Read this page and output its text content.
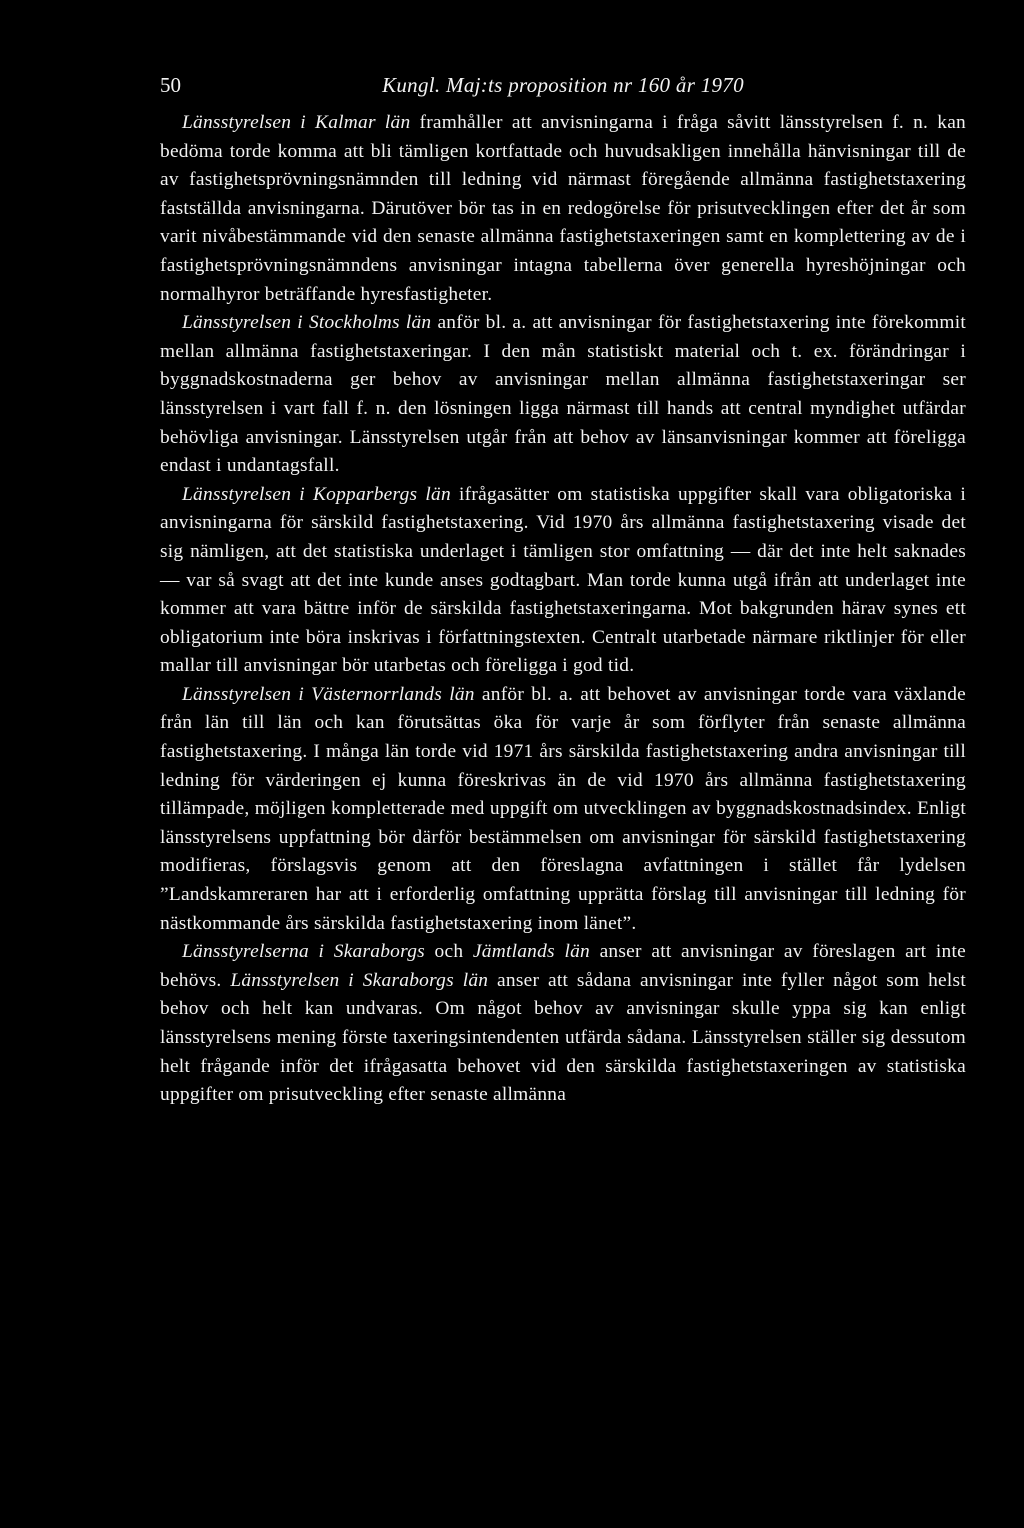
50	Kungl. Maj:ts proposition nr 160 år 1970

Länsstyrelsen i Kalmar län framhåller att anvisningarna i fråga såvitt länsstyrelsen f. n. kan bedöma torde komma att bli tämligen kortfattade och huvudsakligen innehålla hänvisningar till de av fastighetsprövningsnämnden till ledning vid närmast föregående allmänna fastighetstaxering fastställda anvisningarna. Därutöver bör tas in en redogörelse för prisutvecklingen efter det år som varit nivåbestämmande vid den senaste allmänna fastighetstaxeringen samt en komplettering av de i fastighetsprövningsnämndens anvisningar intagna tabellerna över generella hyreshöjningar och normalhyror beträffande hyresfastigheter.

Länsstyrelsen i Stockholms län anför bl. a. att anvisningar för fastighetstaxering inte förekommit mellan allmänna fastighetstaxeringar. I den mån statistiskt material och t. ex. förändringar i byggnadskostnaderna ger behov av anvisningar mellan allmänna fastighetstaxeringar ser länsstyrelsen i vart fall f. n. den lösningen ligga närmast till hands att central myndighet utfärdar behövliga anvisningar. Länsstyrelsen utgår från att behov av länsanvisningar kommer att föreligga endast i undantagsfall.

Länsstyrelsen i Kopparbergs län ifrågasätter om statistiska uppgifter skall vara obligatoriska i anvisningarna för särskild fastighetstaxering. Vid 1970 års allmänna fastighetstaxering visade det sig nämligen, att det statistiska underlaget i tämligen stor omfattning — där det inte helt saknades — var så svagt att det inte kunde anses godtagbart. Man torde kunna utgå ifrån att underlaget inte kommer att vara bättre inför de särskilda fastighetstaxeringarna. Mot bakgrunden härav synes ett obligatorium inte böra inskrivas i författningstexten. Centralt utarbetade närmare riktlinjer för eller mallar till anvisningar bör utarbetas och föreligga i god tid.

Länsstyrelsen i Västernorrlands län anför bl. a. att behovet av anvisningar torde vara växlande från län till län och kan förutsättas öka för varje år som förflyter från senaste allmänna fastighetstaxering. I många län torde vid 1971 års särskilda fastighetstaxering andra anvisningar till ledning för värderingen ej kunna föreskrivas än de vid 1970 års allmänna fastighetstaxering tillämpade, möjligen kompletterade med uppgift om utvecklingen av byggnadskostnadsindex. Enligt länsstyrelsens uppfattning bör därför bestämmelsen om anvisningar för särskild fastighetstaxering modifieras, förslagsvis genom att den föreslagna avfattningen i stället får lydelsen ”Landskamreraren har att i erforderlig omfattning upprätta förslag till anvisningar till ledning för nästkommande års särskilda fastighetstaxering inom länet”.

Länsstyrelserna i Skaraborgs och Jämtlands län anser att anvisningar av föreslagen art inte behövs. Länsstyrelsen i Skaraborgs län anser att sådana anvisningar inte fyller något som helst behov och helt kan undvaras. Om något behov av anvisningar skulle yppa sig kan enligt länsstyrelsens mening förste taxeringsintendenten utfärda sådana. Länsstyrelsen ställer sig dessutom helt frågande inför det ifrågasatta behovet vid den särskilda fastighetstaxeringen av statistiska uppgifter om prisutveckling efter senaste allmänna
